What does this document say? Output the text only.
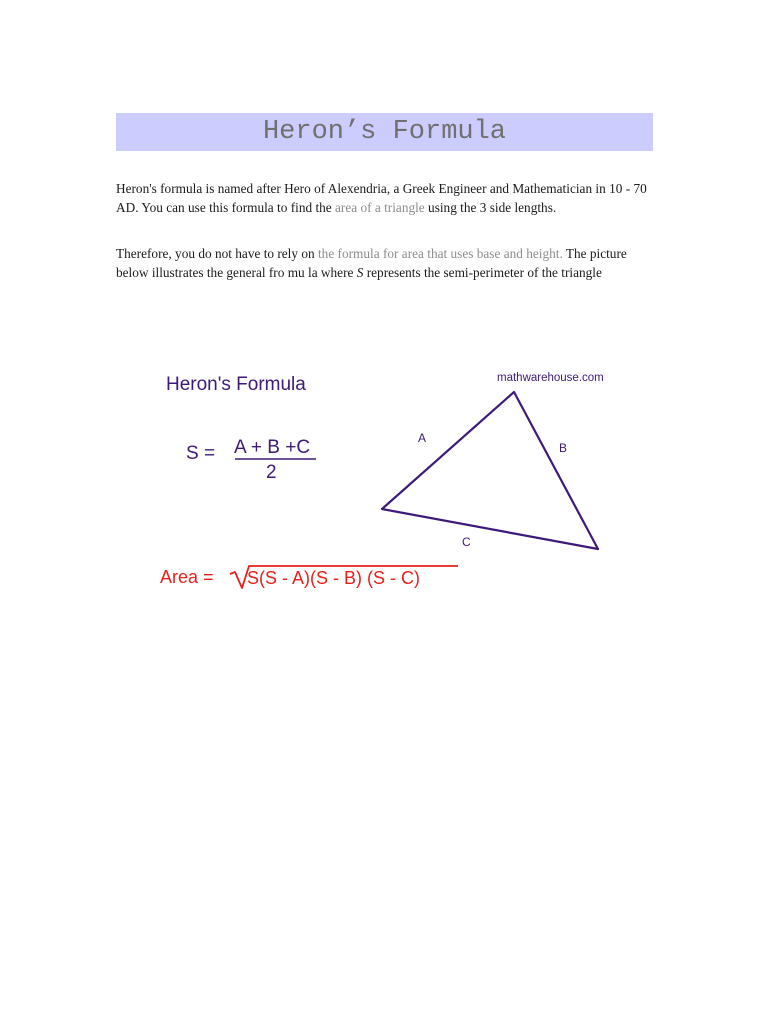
Heron’s Formula

Heron's formula is named after Hero of Alexendria, a Greek Engineer and Mathematician in 10 - 70 AD. You can use this formula to find the area of a triangle using the 3 side lengths.

Therefore, you do not have to rely on the formula for area that uses base and height. The picture below illustrates the general fro mu la where S represents the semi-perimeter of the triangle

Heron's Formula	mathwarehouse.com
S = A + B +C
2
A
B
C
Area = S(S - A)(S - B) (S - C)
